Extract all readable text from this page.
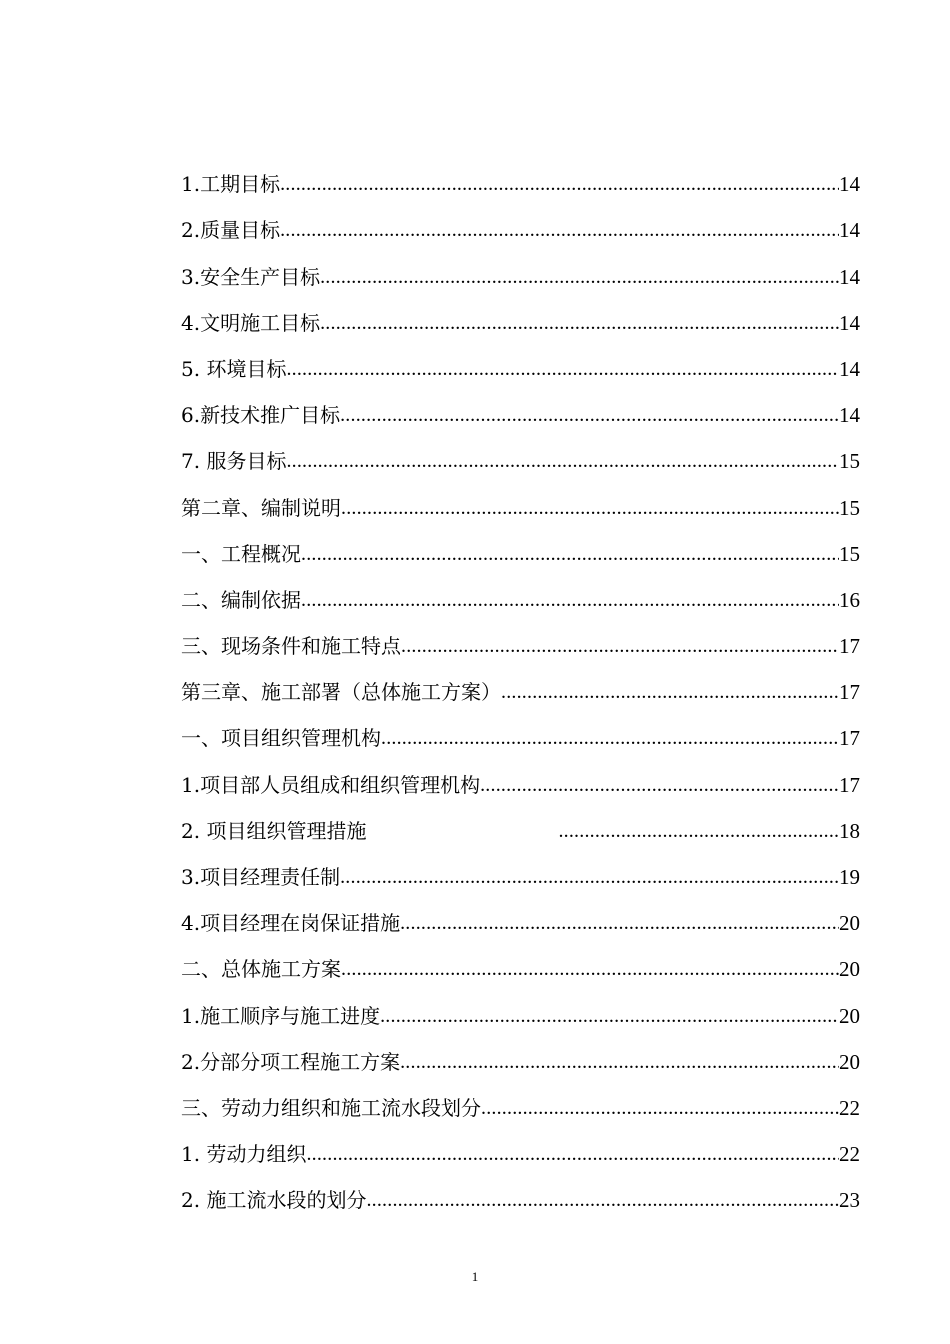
1.工期目标 .....	14
2.质量目标 .....	14
3.安全生产目标 .....	14
4.文明施工目标 .....	14
5. 环境目标 .....	14
6.新技术推广目标 .....	14
7. 服务目标 .....	15
第二章、编制说明 .....	15
一、工程概况 .....	15
二、编制依据 .....	16
三、现场条件和施工特点 .....	17
第三章、施工部署（总体施工方案） .....	17
一、项目组织管理机构 .....	17
1.项目部人员组成和组织管理机构 .....	17
2. 项目组织管理措施 .....	18
3.项目经理责任制 .....	19
4.项目经理在岗保证措施 .....	20
二、总体施工方案 .....	20
1.施工顺序与施工进度 .....	20
2.分部分项工程施工方案 .....	20
三、劳动力组织和施工流水段划分 .....	22
1. 劳动力组织 .....	22
2. 施工流水段的划分 .....	23
1
